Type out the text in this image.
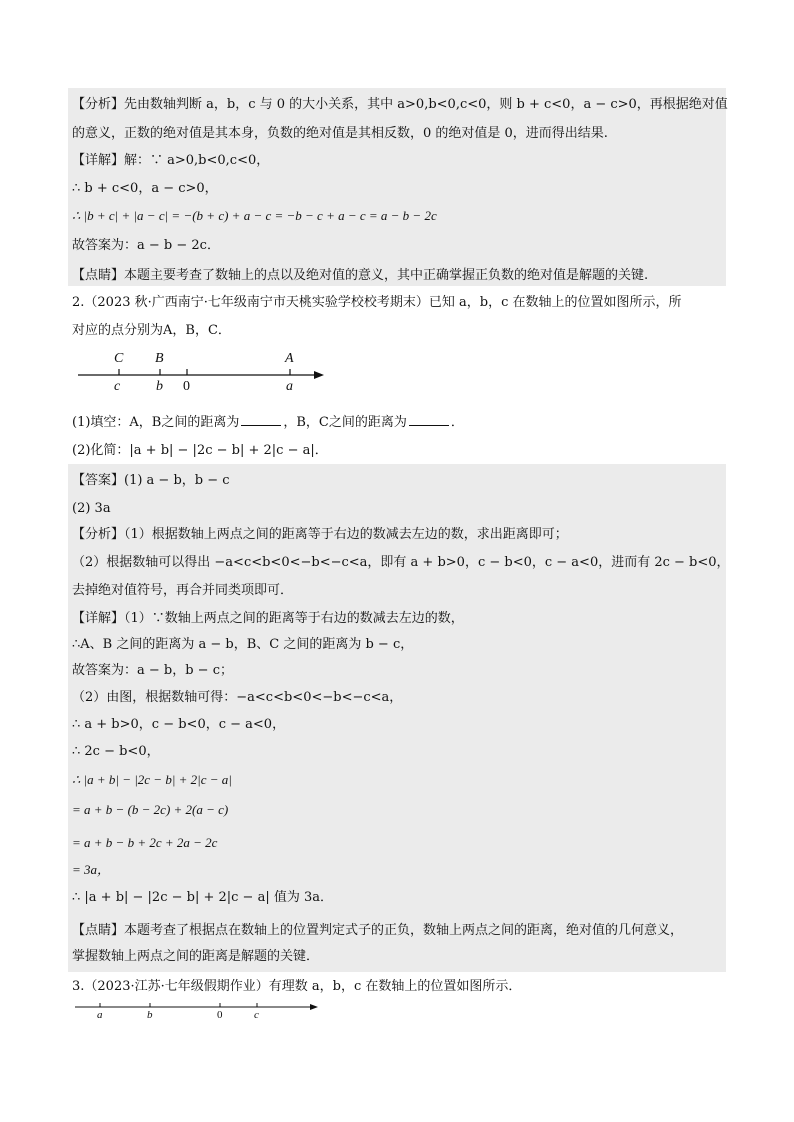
【分析】先由数轴判断 a，b，c 与 0 的大小关系，其中 a>0,b<0,c<0，则 b + c<0，a − c>0，再根据绝对值
的意义，正数的绝对值是其本身，负数的绝对值是其相反数，0 的绝对值是 0，进而得出结果.
【详解】解：∵ a>0,b<0,c<0，
∴ b + c<0，a − c>0，
∴ |b + c| + |a − c| = −(b + c) + a − c = −b − c + a − c = a − b − 2c
故答案为：a − b − 2c．
【点睛】本题主要考查了数轴上的点以及绝对值的意义，其中正确掌握正负数的绝对值是解题的关键.
2.（2023 秋·广西南宁·七年级南宁市天桃实验学校校考期末）已知 a，b，c 在数轴上的位置如图所示，所
对应的点分别为A，B，C．
C B	A
c	b 0	a
(1)填空：A，B之间的距离为	，B，C之间的距离为	．
(2)化简：|a + b| − |2c − b| + 2|c − a|．
【答案】(1) a − b，b − c
(2) 3a
【分析】（1）根据数轴上两点之间的距离等于右边的数减去左边的数，求出距离即可；
（2）根据数轴可以得出 −a<c<b<0<−b<−c<a，即有 a + b>0，c − b<0，c − a<0，进而有 2c − b<0，
去掉绝对值符号，再合并同类项即可．
【详解】（1）∵数轴上两点之间的距离等于右边的数减去左边的数，
∴A、B 之间的距离为 a − b，B、C 之间的距离为 b − c，
故答案为：a − b，b − c；
（2）由图，根据数轴可得：−a<c<b<0<−b<−c<a，
∴ a + b>0，c − b<0，c − a<0，
∴ 2c − b<0，
∴ |a + b| − |2c − b| + 2|c − a|
= a + b − (b − 2c) + 2(a − c)
= a + b − b + 2c + 2a − 2c
= 3a，
∴ |a + b| − |2c − b| + 2|c − a| 值为 3a．
【点睛】本题考查了根据点在数轴上的位置判定式子的正负，数轴上两点之间的距离，绝对值的几何意义，
掌握数轴上两点之间的距离是解题的关键．
3.（2023·江苏·七年级假期作业）有理数 a，b，c 在数轴上的位置如图所示．
a	b	0	c
